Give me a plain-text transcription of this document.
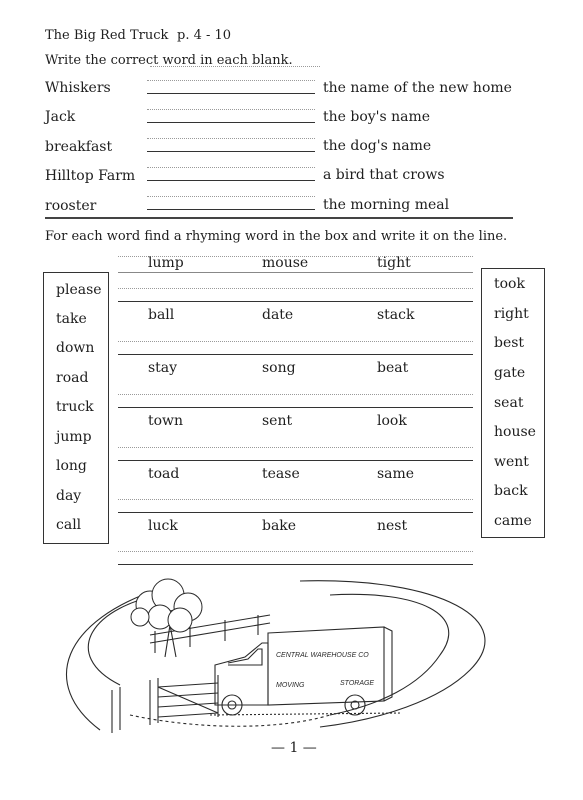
The Big Red Truck p. 4 - 10
Write the correct word in each blank.
Whiskers	the name of the new home
Jack	the boy's name
breakfast	the dog's name
Hilltop Farm	a bird that crows
rooster	the morning meal
For each word find a rhyming word in the box and write it on the line.
please
take
down
road
truck
jump
long
day
call
took
right
best
gate
seat
house
went
back
came
lump	mouse	tight
ball	date	stack
stay	song	beat
town	sent	look
toad	tease	same
luck	bake	nest
CENTRAL WAREHOUSE CO
MOVING	STORAGE
— 1 —
